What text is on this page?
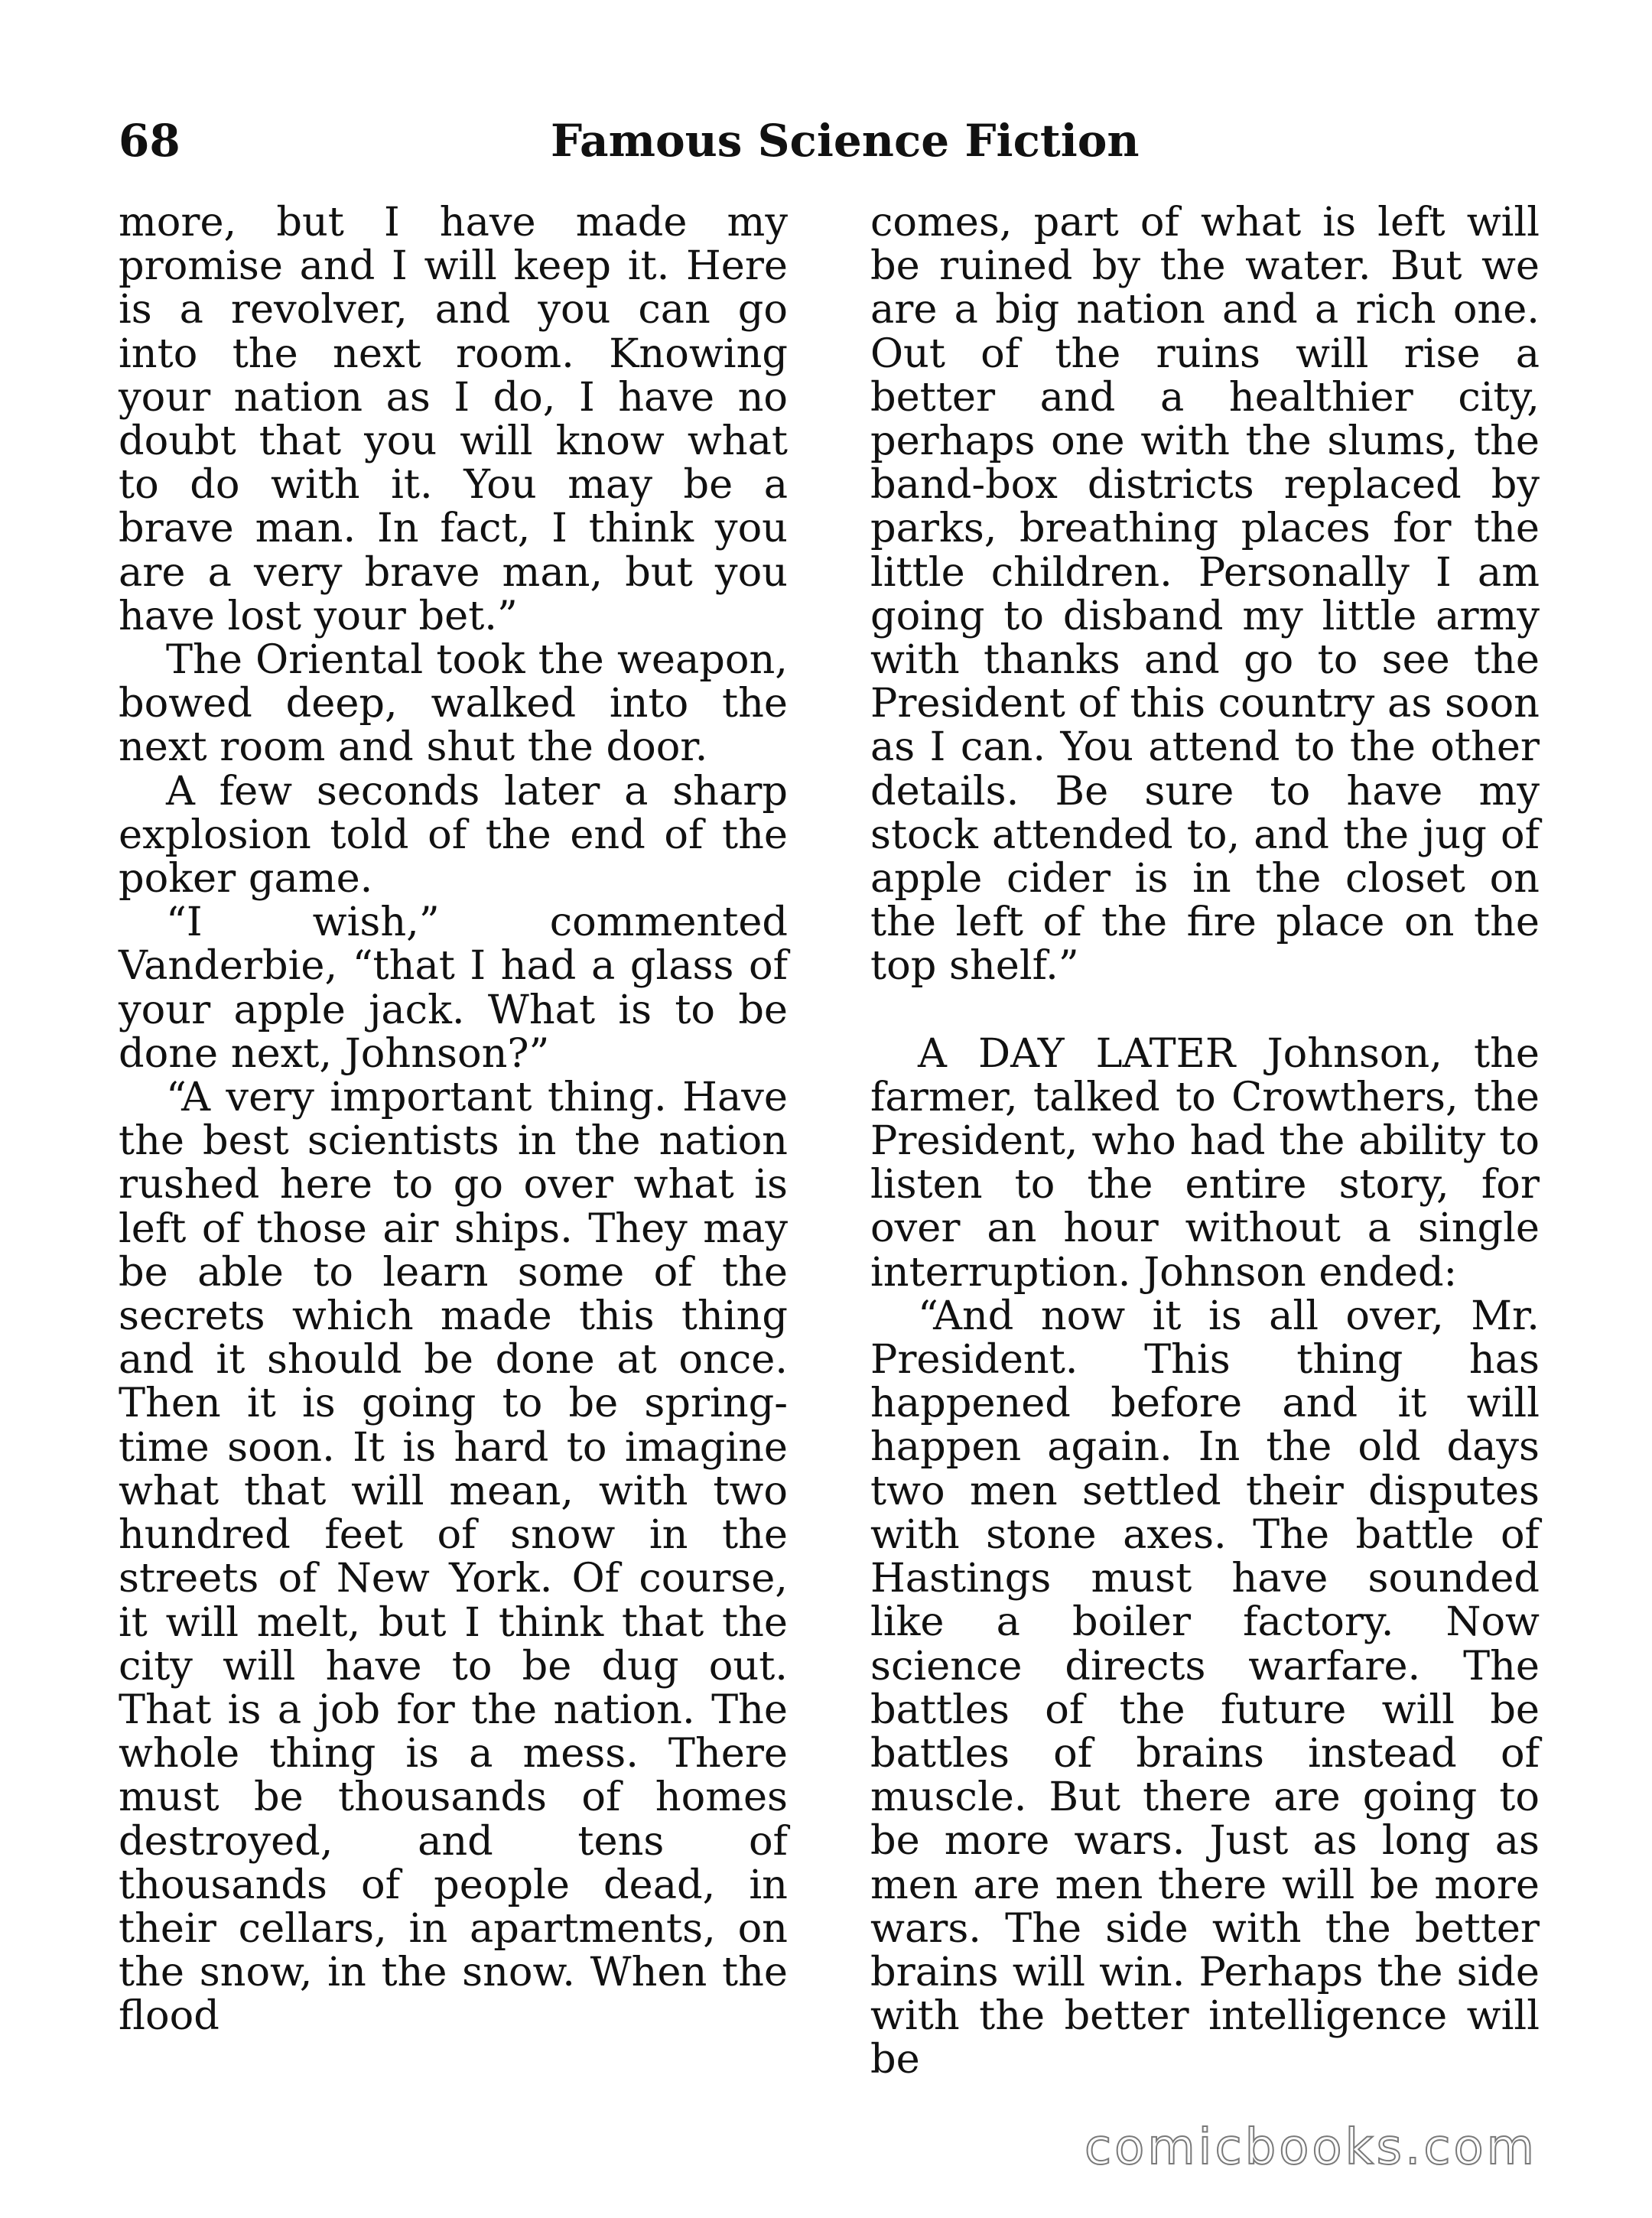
68	Famous Science Fiction

more, but I have made my promise and I will keep it. Here is a revolver, and you can go into the next room. Knowing your nation as I do, I have no doubt that you will know what to do with it. You may be a brave man. In fact, I think you are a very brave man, but you have lost your bet.”

The Oriental took the weapon, bowed deep, walked into the next room and shut the door.

A few seconds later a sharp explosion told of the end of the poker game.

“I wish,” commented Vanderbie, “that I had a glass of your apple jack. What is to be done next, Johnson?”

“A very important thing. Have the best scientists in the nation rushed here to go over what is left of those air ships. They may be able to learn some of the secrets which made this thing and it should be done at once. Then it is going to be spring-time soon. It is hard to imagine what that will mean, with two hundred feet of snow in the streets of New York. Of course, it will melt, but I think that the city will have to be dug out. That is a job for the nation. The whole thing is a mess. There must be thousands of homes destroyed, and tens of thousands of people dead, in their cellars, in apartments, on the snow, in the snow. When the flood

comes, part of what is left will be ruined by the water. But we are a big nation and a rich one. Out of the ruins will rise a better and a healthier city, perhaps one with the slums, the band-box districts replaced by parks, breathing places for the little children. Personally I am going to disband my little army with thanks and go to see the President of this country as soon as I can. You attend to the other details. Be sure to have my stock attended to, and the jug of apple cider is in the closet on the left of the fire place on the top shelf.”

A DAY LATER Johnson, the farmer, talked to Crowthers, the President, who had the ability to listen to the entire story, for over an hour without a single interruption. Johnson ended:

“And now it is all over, Mr. President. This thing has happened before and it will happen again. In the old days two men settled their disputes with stone axes. The battle of Hastings must have sounded like a boiler factory. Now science directs warfare. The battles of the future will be battles of brains instead of muscle. But there are going to be more wars. Just as long as men are men there will be more wars. The side with the better brains will win. Perhaps the side with the better intelligence will be

comicbooks.com
